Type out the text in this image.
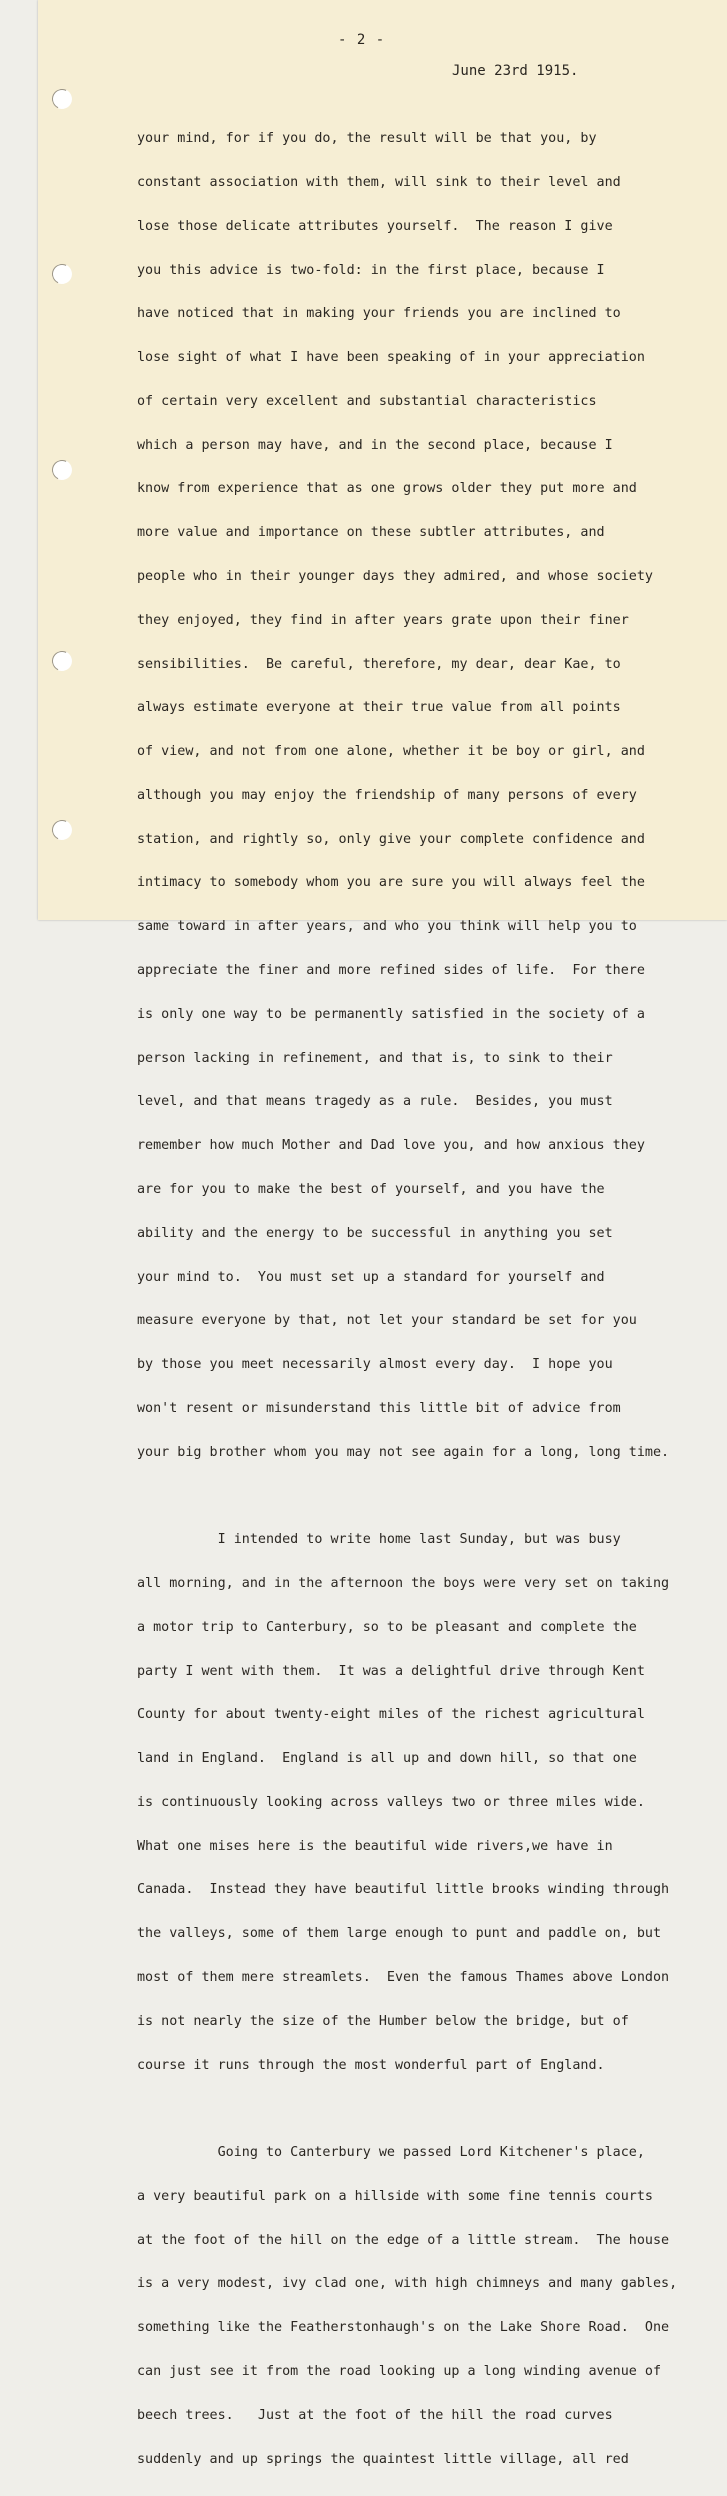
- 2 -
June 23rd 1915.

your mind, for if you do, the result will be that you, by

constant association with them, will sink to their level and

lose those delicate attributes yourself.  The reason I give

you this advice is two-fold: in the first place, because I

have noticed that in making your friends you are inclined to

lose sight of what I have been speaking of in your appreciation

of certain very excellent and substantial characteristics

which a person may have, and in the second place, because I

know from experience that as one grows older they put more and

more value and importance on these subtler attributes, and

people who in their younger days they admired, and whose society

they enjoyed, they find in after years grate upon their finer

sensibilities.  Be careful, therefore, my dear, dear Kae, to

always estimate everyone at their true value from all points

of view, and not from one alone, whether it be boy or girl, and

although you may enjoy the friendship of many persons of every

station, and rightly so, only give your complete confidence and

intimacy to somebody whom you are sure you will always feel the

same toward in after years, and who you think will help you to

appreciate the finer and more refined sides of life.  For there

is only one way to be permanently satisfied in the society of a

person lacking in refinement, and that is, to sink to their

level, and that means tragedy as a rule.  Besides, you must

remember how much Mother and Dad love you, and how anxious they

are for you to make the best of yourself, and you have the

ability and the energy to be successful in anything you set

your mind to.  You must set up a standard for yourself and

measure everyone by that, not let your standard be set for you

by those you meet necessarily almost every day.  I hope you

won't resent or misunderstand this little bit of advice from

your big brother whom you may not see again for a long, long time.

I intended to write home last Sunday, but was busy

all morning, and in the afternoon the boys were very set on taking

a motor trip to Canterbury, so to be pleasant and complete the

party I went with them.  It was a delightful drive through Kent

County for about twenty-eight miles of the richest agricultural

land in England.  England is all up and down hill, so that one

is continuously looking across valleys two or three miles wide.

What one mises here is the beautiful wide rivers,we have in

Canada.  Instead they have beautiful little brooks winding through

the valleys, some of them large enough to punt and paddle on, but

most of them mere streamlets.  Even the famous Thames above London

is not nearly the size of the Humber below the bridge, but of

course it runs through the most wonderful part of England.

Going to Canterbury we passed Lord Kitchener's place,

a very beautiful park on a hillside with some fine tennis courts

at the foot of the hill on the edge of a little stream.  The house

is a very modest, ivy clad one, with high chimneys and many gables,

something like the Featherstonhaugh's on the Lake Shore Road.  One

can just see it from the road looking up a long winding avenue of

beech trees.   Just at the foot of the hill the road curves

suddenly and up springs the quaintest little village, all red
